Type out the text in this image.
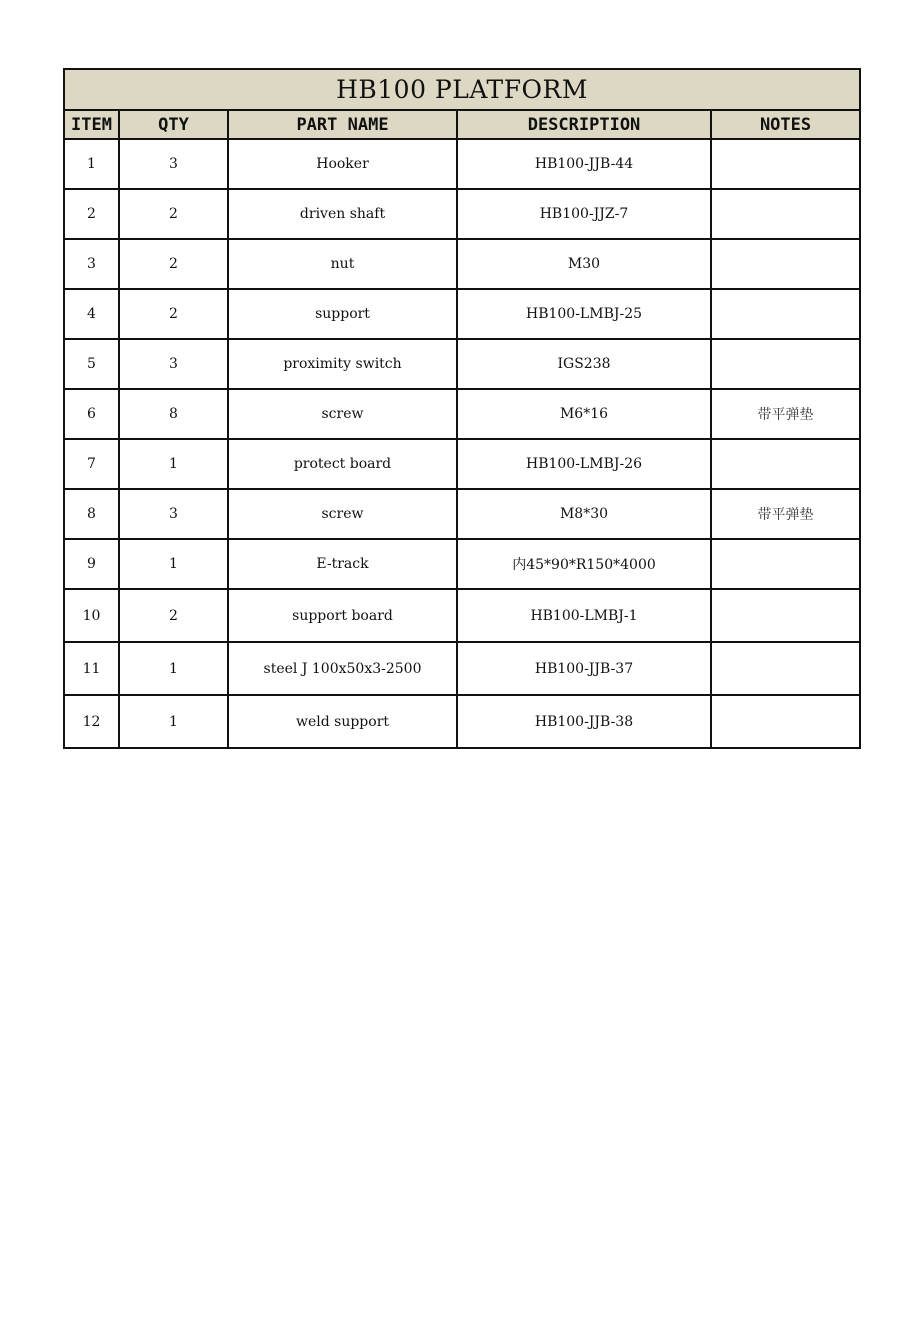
HB100 PLATFORM				
ITEM	QTY	PART NAME	DESCRIPTION	NOTES
1	3	Hooker	HB100-JJB-44	
2	2	driven shaft	HB100-JJZ-7	
3	2	nut	M30	
4	2	support	HB100-LMBJ-25	
5	3	proximity switch	IGS238	
6	8	screw	M6*16	带平弹垫
7	1	protect board	HB100-LMBJ-26	
8	3	screw	M8*30	带平弹垫
9	1	E-track	内45*90*R150*4000	
10	2	support board	HB100-LMBJ-1	
11	1	steel J 100x50x3-2500	HB100-JJB-37	
12	1	weld support	HB100-JJB-38	
